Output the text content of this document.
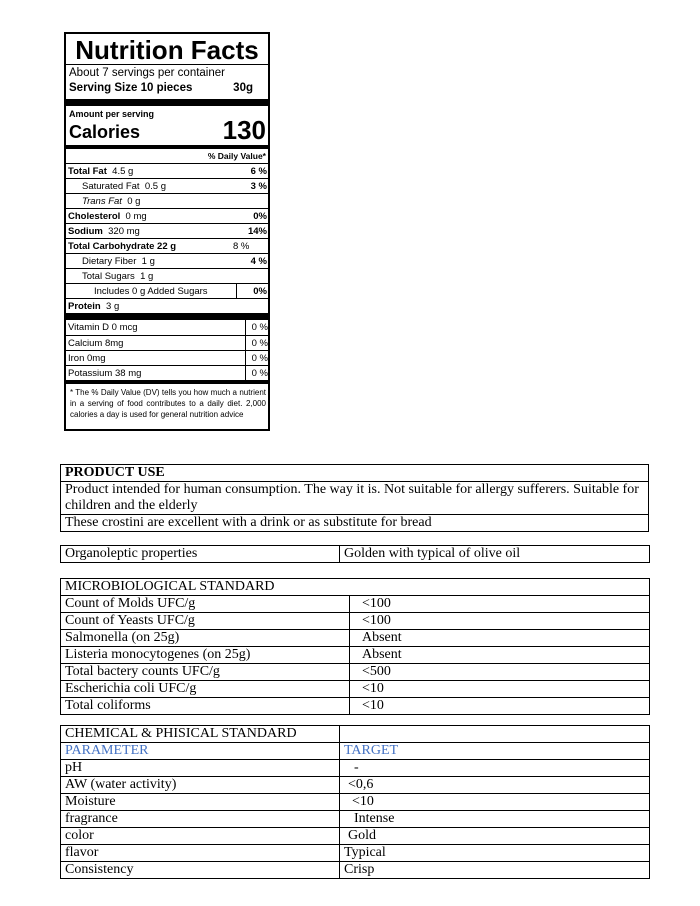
Nutrition Facts
About 7 servings per container
Serving Size 10 pieces	30g
Amount per serving
Calories	130
% Daily Value*
Total Fat 4.5 g	6 %
Saturated Fat 0.5 g	3 %
Trans Fat 0 g
Cholesterol 0 mg	0%
Sodium 320 mg	14%
Total Carbohydrate 22 g	8 %
Dietary Fiber 1 g	4 %
Total Sugars 1 g
Includes 0 g Added Sugars	0%
Protein 3 g
Vitamin D 0 mcg	0 %
Calcium 8mg	0 %
Iron 0mg	0 %
Potassium 38 mg	0 %
* The % Daily Value (DV) tells you how much a nutrient in a serving of food contributes to a daily diet. 2,000 calories a day is used for general nutrition advice
PRODUCT USE
Product intended for human consumption. The way it is. Not suitable for allergy sufferers. Suitable for children and the elderly
These crostini are excellent with a drink or as substitute for bread
Organoleptic properties	Golden with typical of olive oil
MICROBIOLOGICAL STANDARD	
Count of Molds UFC/g	<100
Count of Yeasts UFC/g	<100
Salmonella (on 25g)	Absent
Listeria monocytogenes (on 25g)	Absent
Total bactery counts UFC/g	<500
Escherichia coli UFC/g	<10
Total coliforms	<10
CHEMICAL & PHISICAL STANDARD	
PARAMETER	TARGET
pH	-
AW (water activity)	<0,6
Moisture	<10
fragrance	Intense
color	Gold
flavor	Typical
Consistency	Crisp
